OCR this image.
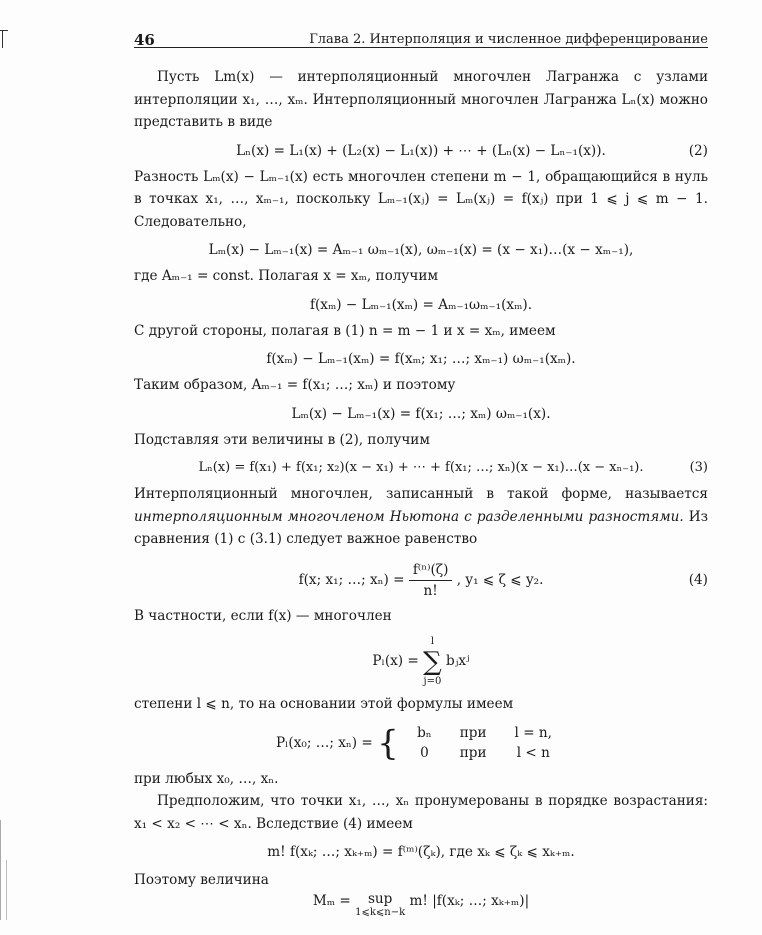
46	Глава 2. Интерполяция и численное дифференцирование

Пусть Lm(x) — интерполяционный многочлен Лагранжа с узлами интерполяции x₁, …, xₘ. Интерполяционный многочлен Лагранжа Lₙ(x) можно представить в виде

Lₙ(x) = L₁(x) + (L₂(x) − L₁(x)) + ⋯ + (Lₙ(x) − Lₙ₋₁(x)).	(2)

Разность Lₘ(x) − Lₘ₋₁(x) есть многочлен степени m − 1, обращающийся в нуль в точках x₁, …, xₘ₋₁, поскольку Lₘ₋₁(xⱼ) = Lₘ(xⱼ) = f(xⱼ) при 1 ⩽ j ⩽ m − 1. Следовательно,

Lₘ(x) − Lₘ₋₁(x) = Aₘ₋₁ ωₘ₋₁(x), ωₘ₋₁(x) = (x − x₁)…(x − xₘ₋₁),

где Aₘ₋₁ = const. Полагая x = xₘ, получим

f(xₘ) − Lₘ₋₁(xₘ) = Aₘ₋₁ωₘ₋₁(xₘ).

С другой стороны, полагая в (1) n = m − 1 и x = xₘ, имеем

f(xₘ) − Lₘ₋₁(xₘ) = f(xₘ; x₁; …; xₘ₋₁) ωₘ₋₁(xₘ).

Таким образом, Aₘ₋₁ = f(x₁; …; xₘ) и поэтому

Lₘ(x) − Lₘ₋₁(x) = f(x₁; …; xₘ) ωₘ₋₁(x).

Подставляя эти величины в (2), получим

Lₙ(x) = f(x₁) + f(x₁; x₂)(x − x₁) + ⋯ + f(x₁; …; xₙ)(x − x₁)…(x − xₙ₋₁).	(3)

Интерполяционный многочлен, записанный в такой форме, называется интерполяционным многочленом Ньютона с разделенными разностями. Из сравнения (1) с (3.1) следует важное равенство

f(x; x₁; …; $x_n) = \frac{\text{f⁽ⁿ⁾(ζ)}}{n!}$ , y₁ ⩽ ζ ⩽ y₂.	(4)

В частности, если f(x) — многочлен

Pₗ(x) =
l
∑
j=0
bⱼxʲ

степени l ⩽ n, то на основании этой формулы имеем

Pₗ(x₀; …; xₙ) = { bₙ	при	l = n,
0	при	l < n

при любых x₀, …, xₙ.

Предположим, что точки x₁, …, xₙ пронумерованы в порядке возрастания: x₁ < x₂ < ⋯ < xₙ. Вследствие (4) имеем

m! f(xₖ; …; xₖ₊ₘ) = f⁽ᵐ⁾(ζₖ), где xₖ ⩽ ζₖ ⩽ xₖ₊ₘ.

Поэтому величина

Mₘ =	sup
1⩽k⩽n−k
m! |f(xₖ; …; xₖ₊ₘ)|
